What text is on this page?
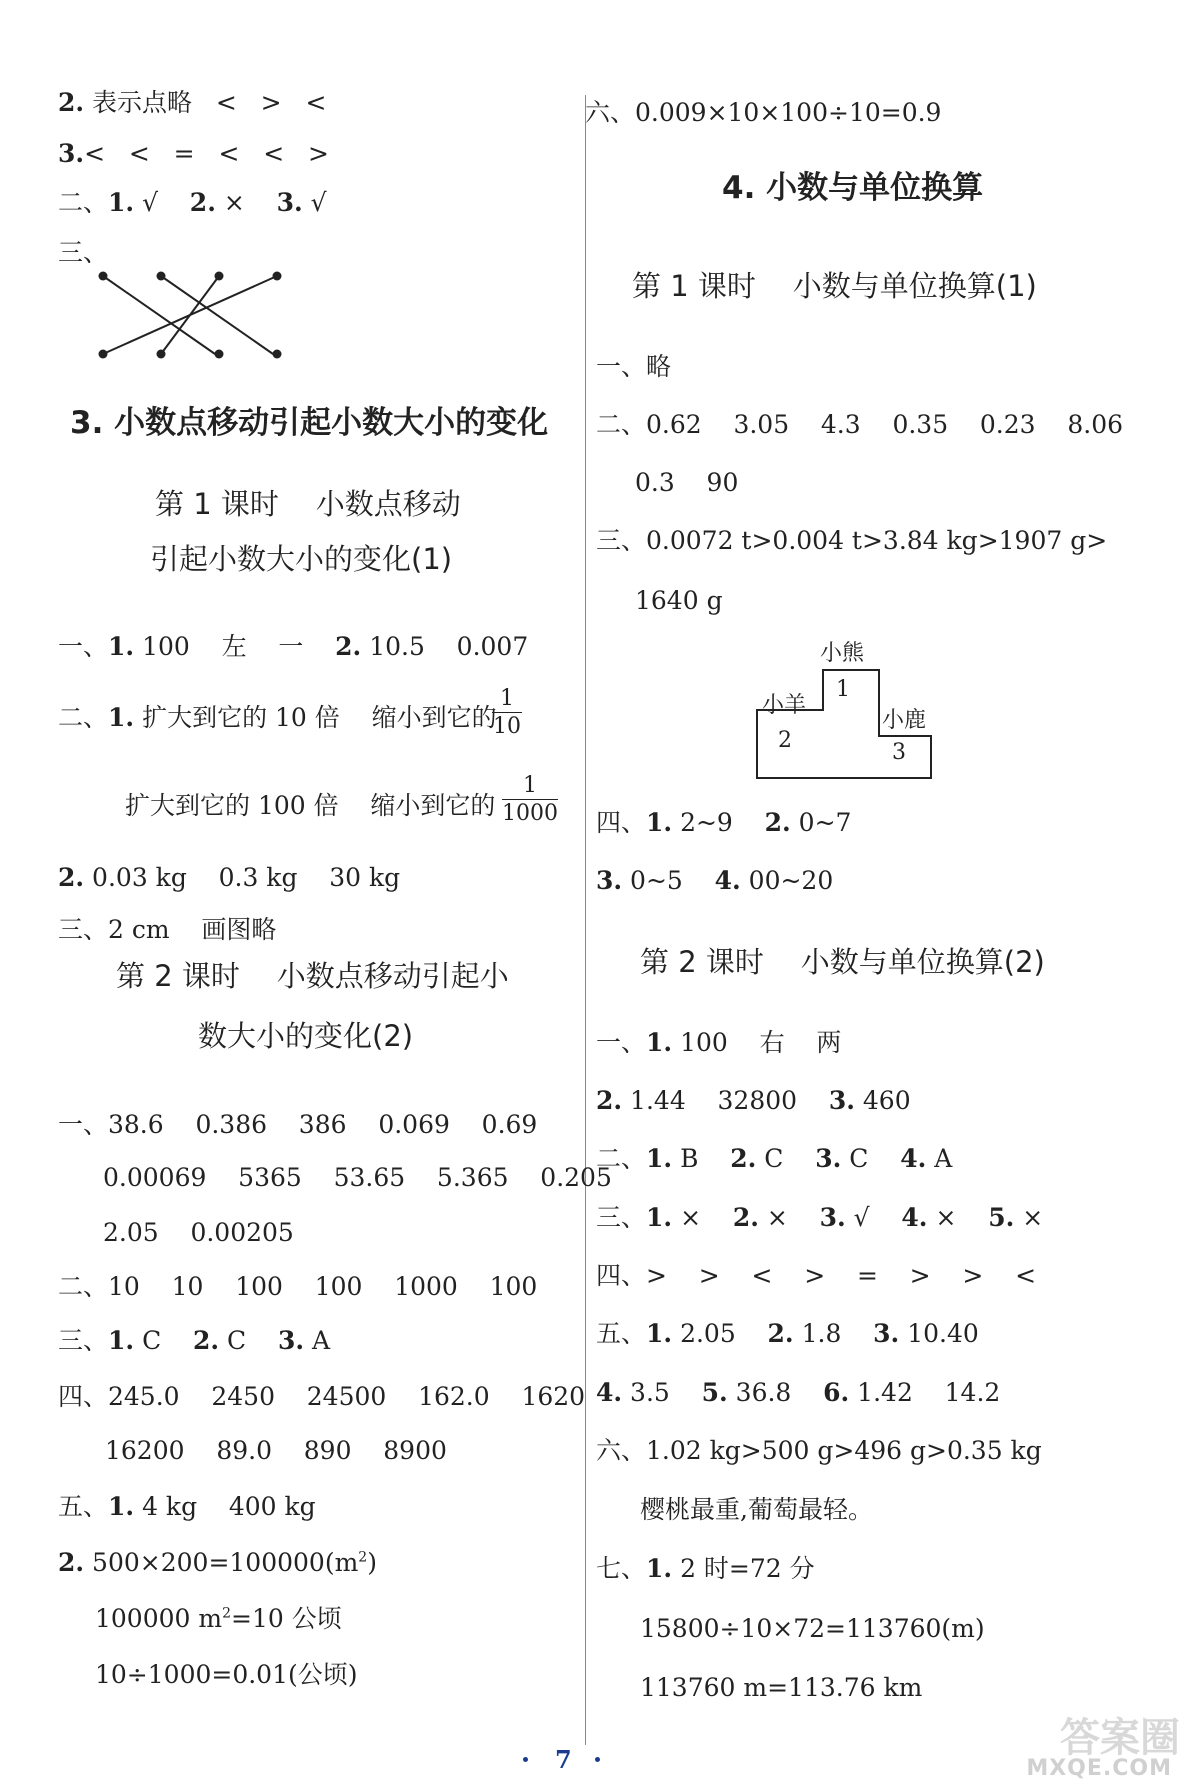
2. 表示点略   <   >   <
3.<   <   =   <   <   >
二、1. √    2. ×    3. √
三、
3. 小数点移动引起小数大小的变化
第 1 课时    小数点移动
引起小数大小的变化(1)
一、1. 100    左    一    2. 10.5    0.007
二、1. 扩大到它的 10 倍    缩小到它的
$\frac{1}{10}$
扩大到它的 100 倍    缩小到它的 $\frac{1}{1000}$
2. 0.03 kg    0.3 kg    30 kg
三、2 cm    画图略
第 2 课时    小数点移动引起小
数大小的变化(2)
一、38.6    0.386    386    0.069    0.69
0.00069    5365    53.65    5.365    0.205
2.05    0.00205
二、10    10    100    100    1000    100
三、1. C    2. C    3. A
四、245.0    2450    24500    162.0    1620
16200    89.0    890    8900
五、1. 4 kg    400 kg
2. $500\times 200=100000(m^2)$
100000 $m^2=10$ 公顷
10÷1000=0.01(公顷)
六、0.009×10×100÷10=0.9
4. 小数与单位换算
第 1 课时    小数与单位换算(1)
一、略
二、0.62    3.05    4.3    0.35    0.23    8.06
0.3    90
三、0.0072 t>0.004 t>3.84 kg>1907 g>
1640 g
小熊
小羊
小鹿
1
2	3
四、1. 2~9    2. 0~7
3. 0~5    4. 00~20
第 2 课时    小数与单位换算(2)
一、1. 100    右    两
2. 1.44    32800    3. 460
二、1. B    2. C    3. C    4. A
三、1. ×    2. ×    3. √    4. ×    5. ×
四、>    >    <    >    =    >    >    <
五、1. 2.05    2. 1.8    3. 10.40
4. 3.5    5. 36.8    6. 1.42    14.2
六、1.02 kg>500 g>496 g>0.35 kg
樱桃最重,葡萄最轻。
七、1. 2 时=72 分
15800÷10×72=113760(m)
113760 m=113.76 km
7	答案圈
MXQE.COM
